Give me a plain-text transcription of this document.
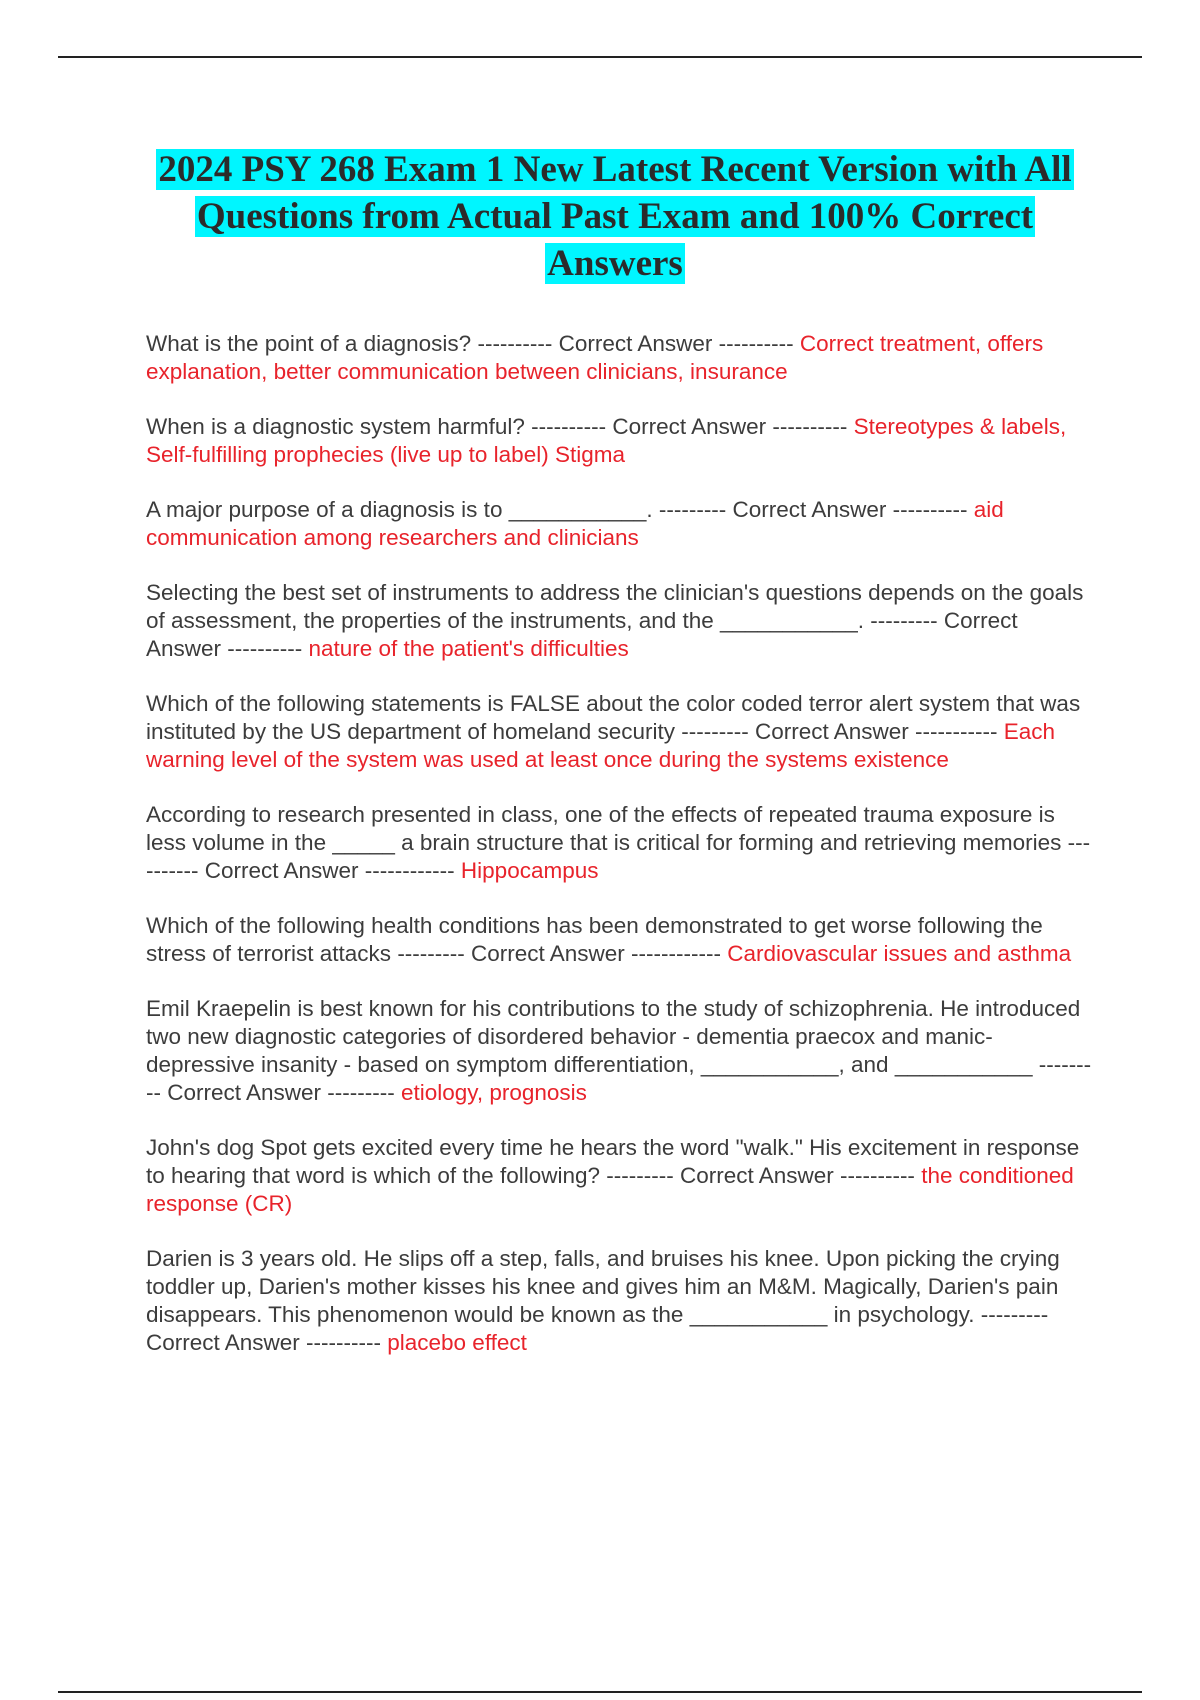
2024 PSY 268 Exam 1 New Latest Recent Version with All Questions from Actual Past Exam and 100% Correct Answers
What is the point of a diagnosis? ---------- Correct Answer ---------- Correct treatment, offers explanation, better communication between clinicians, insurance
When is a diagnostic system harmful? ---------- Correct Answer ---------- Stereotypes & labels, Self-fulfilling prophecies (live up to label) Stigma
A major purpose of a diagnosis is to ___________. --------- Correct Answer ---------- aid communication among researchers and clinicians
Selecting the best set of instruments to address the clinician's questions depends on the goals of assessment, the properties of the instruments, and the ___________. --------- Correct Answer ---------- nature of the patient's difficulties
Which of the following statements is FALSE about the color coded terror alert system that was instituted by the US department of homeland security --------- Correct Answer ----------- Each warning level of the system was used at least once during the systems existence
According to research presented in class, one of the effects of repeated trauma exposure is less volume in the _____ a brain structure that is critical for forming and retrieving memories ---------- Correct Answer ------------ Hippocampus
Which of the following health conditions has been demonstrated to get worse following the stress of terrorist attacks --------- Correct Answer ------------ Cardiovascular issues and asthma
Emil Kraepelin is best known for his contributions to the study of schizophrenia. He introduced two new diagnostic categories of disordered behavior - dementia praecox and manic-depressive insanity - based on symptom differentiation, ___________, and ___________ --------- Correct Answer --------- etiology, prognosis
John's dog Spot gets excited every time he hears the word "walk." His excitement in response to hearing that word is which of the following? --------- Correct Answer ---------- the conditioned response (CR)
Darien is 3 years old. He slips off a step, falls, and bruises his knee. Upon picking the crying toddler up, Darien's mother kisses his knee and gives him an M&M. Magically, Darien's pain disappears. This phenomenon would be known as the ___________ in psychology. --------- Correct Answer ---------- placebo effect
